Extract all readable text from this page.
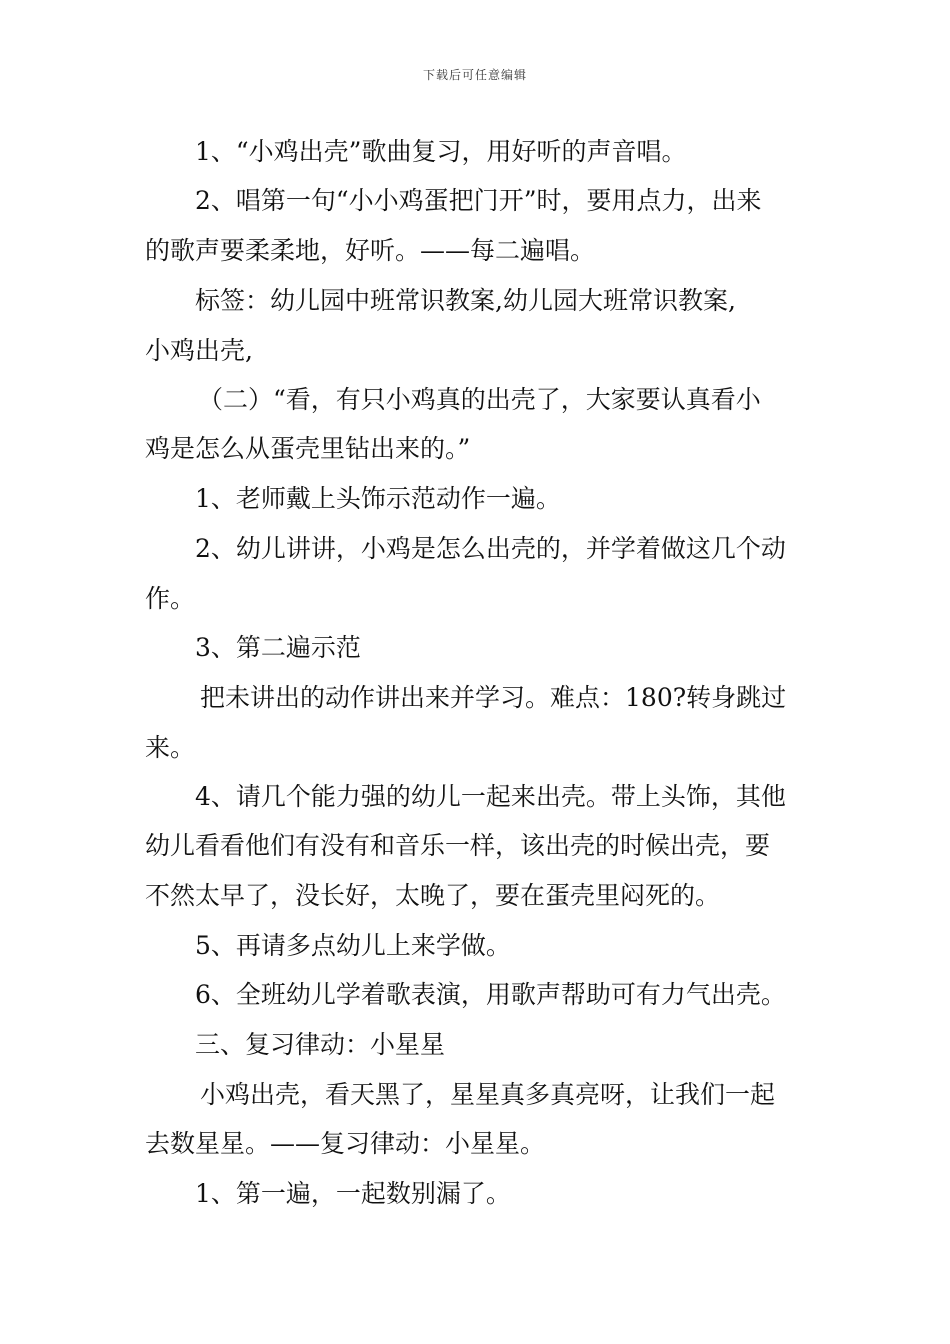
下载后可任意编辑
1、“小鸡出壳”歌曲复习，用好听的声音唱。
2、唱第一句“小小鸡蛋把门开”时，要用点力，出来
的歌声要柔柔地，好听。——每二遍唱。
标签：幼儿园中班常识教案,幼儿园大班常识教案,
小鸡出壳,
（二）“看，有只小鸡真的出壳了，大家要认真看小
鸡是怎么从蛋壳里钻出来的。”
1、老师戴上头饰示范动作一遍。
2、幼儿讲讲，小鸡是怎么出壳的，并学着做这几个动
作。
3、第二遍示范
把未讲出的动作讲出来并学习。难点：180?转身跳过
来。
4、请几个能力强的幼儿一起来出壳。带上头饰，其他
幼儿看看他们有没有和音乐一样，该出壳的时候出壳，要
不然太早了，没长好，太晚了，要在蛋壳里闷死的。
5、再请多点幼儿上来学做。
6、全班幼儿学着歌表演，用歌声帮助可有力气出壳。
三、复习律动：小星星
小鸡出壳，看天黑了，星星真多真亮呀，让我们一起
去数星星。——复习律动：小星星。
1、第一遍，一起数别漏了。
